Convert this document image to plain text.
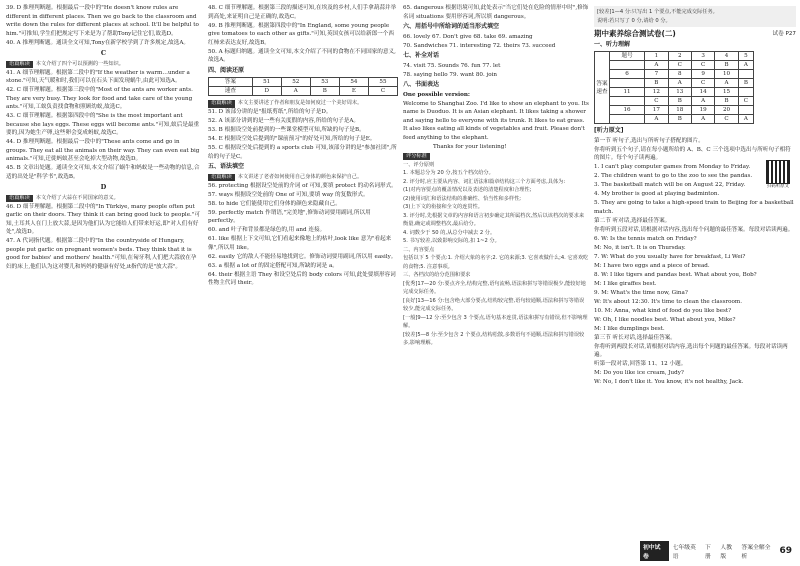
39. D 推理判断题。根据最后一段中的"He doesn't know rules are different in different places. Then we go back to the classroom and write down the rules for different places at school. It'll be helpful to him."可推知,学生们把规定写下来是为了帮助Tony记住它们,故选D。

40. A 推理判断题。通读全文可知,Tony在新学校学到了许多规定,故选A。

C

语篇解读 本文介绍了四个可以预测的一些知识。

41. A 细节理解题。根据第二段中的"If the weather is warm…under a stone."可知,天气暖和时,我们可以在石头下面发现蜗牛,由此可知选A。

42. C 细节理解题。根据第三段中的"Most of the ants are worker ants. They are very busy. They look for food and take care of the young ants."可知,工蚁负责找食物和照顾幼蚁,故选C。

43. C 细节理解题。根据第四段中的"She is the most important ant because she lays eggs. These eggs will become ants."可知,蚁后是最重要的,因为她生产卵,这些卵会变成蚂蚁,故选C。

44. D 推理判断题。根据最后一段中的"These ants come and go in groups. They eat all the animals on their way. They can even eat big animals."可知,迁徙蚂蚁甚至会吃掉大型动物,故选D。

45. B 文章出处题。通读全文可知,本文介绍了蜗牛和蚂蚁是一些动物的信息,合适的出处是"科学书",故选B。

D

语篇解读 本文介绍了大蒜在不同国家的意义。

46. D 细节理解题。根据第二段中的"In Türkiye, many people often put garlic on their doors. They think it can bring good luck to people."可知,土耳其人在门上放大蒜,是因为他们认为它能给人们带来好运,即"对人们有好处",故选D。

47. A 代词指代题。根据第二段中的"In the countryside of Hungary, people put garlic on pregnant women's beds. They think that it is good for babies' and mothers' health."可知,在匈牙利,人们把大蒜放在孕妇的床上,他们认为这对婴儿和妈妈的健康有好处,it指代的是"放大蒜"。

48. C 细节理解题。根据第三段的描述可知,在埃及的乡村,人们手拿葫蒜并举到高处,来证明自己是正确的,故选C。

49. B 推理判断题。根据第四段中的"In England, some young people give tomatoes to each other as gifts."可知,英国女孩可以给新郎一个西红柿来表达友好,故选B。

50. A 标题归纳题。通读全文可知,本文介绍了不同的食物在不同国家的意义,故选A。

四、阅读还原
答案	51	52	53	54	55
速查	D	A	B	E	C

语篇解读 本文主要讲述了作者和朋友是如何度过一个美好周末。

51. D 该部分讲的是"报纸剪纸",所给的句子是D。

52. A 该部分讲到的是一些有关度假的内容,所给的句子是A。

53. B 根据设空处前提到的一些课堂模型可知,所缺的句子是B。

54. E 根据设空处后提到的"课前预习"的好处可知,所给的句子是E。

55. C 根据设空处后提到的 a sports club 可知,该部分讲的是"参加社团",所给的句子是C。

五、语法填空

语篇解读 本文讲述了老者如何使用自己身体的颜色来保护自己。

56. protecting 根据设空处前的介词 of 可知,要填 protect 的动名词形式。

57. ways 根据设空处前的 One of 可知,要填 way 的复数形式。

58. to hide 它们能使用它们身体的颜色来隐藏自己。

59. perfectly match 作谓语,"完美地",修饰动词要用副词,所以用 perfectly。

60. and 叶子和背景都是绿色的,用 and 连接。

61. like 根据上下文可知,它们看起来像地上的枯叶,look like 意为"看起来像",所以用 like。

62. easily 它的敌人不能轻易地找到它。修饰动词要用副词,所以用 easily。

63. a 根据 a lot of 的固定搭配可知,所缺的词是 a。

64. their 根据主语 They 和设空处后的 body colors 可知,此处要填形容词性物主代词 their。

65. dangerous 根据语境可知,此处表示"当它们处在危险的情形中时",修饰名词 situations 要用形容词,所以填 dangerous。

六、用括号中所给词的适当形式填空

66. lovely 67. Don't give 68. take 69. amazing

70. Sandwiches 71. interesting 72. theirs 73. succeed

七、补全对话

74. visit 75. Sounds 76. fun 77. let

78. saying hello 79. want 80. join

八、书面表达

One possible version:

Welcome to Shanghai Zoo. I'd like to show an elephant to you. Its name is Duoduo. It is an Asian elephant. It likes taking a shower and saying hello to everyone with its trunk. It likes to eat grass. It also likes eating all kinds of vegetables and fruit. Please don't feed anything to the elephant.

Thanks for your listening!

评分标准

一、评分原则
1. 本题总分为 20 分,按五个档次给分。
2. 评分时,应主要从内容、词汇语法和篇章结构这三个方面考虑,具体为:
(1)对内容要点的覆盖情况以及表述的清楚程度和合理性;
(2)使用词汇和语法结构的准确性、恰当性和多样性;
(3)上下文的衔接和全文的连贯性。
3. 评分时,先根据文章的内容和语言初步确定其所属档次,然后以该档次的要求来衡量,确定或调整档次,最后给分。
4. 词数少于 50 的,从总分中减去 2 分。
5. 书写较差,以致影响交际的,扣 1~2 分。
二、内容要点
包括以下 5 个要点:1. 介绍大象的名字;2. 它的来源;3. 它喜欢做什么;4. 它喜欢吃的食物;5. 注意事项。
三、各档次的给分范围和要求
[优秀]17—20 分:要点齐全,结构完整,语句流畅,语法和拼写等错误极少,能较好地完成交际任务。
[良好]13—16 分:包含绝大部分要点,结构较完整,语句较通顺,语法和拼写等错误较少,能完成交际任务。
[一般]9—12 分:至少包含 3 个要点,语句基本连贯,语法和拼写有错误,但不影响理解。
[较差]5—8 分:至少包含 2 个要点,结构松散,多数语句不通顺,语法和拼写错误较多,影响理解。
[较差]1—4 分:只写出 1 个要点,不能完成交际任务。
说明:若只写了 0 分,请给 0 分。
期中素养综合测试卷(二)	试卷 P27
一、听力理解
答案速查	题号	1	2	3	4	5
		A	C	C	B	A
	6	7	8	9	10	
		B	A	C	A	B
	11	12	13	14	15	
		C	B	A	B	C
	16	17	18	19	20	
		A	B	A	C	A
[听力原文]

第一节 听句子,选出与所听句子搭配的图片。

你将听到五个句子,请在每小题所给的 A、B、C 三个选项中选出与所听句子相符的图片。每个句子读两遍。

1. I can't play computer games from Monday to Friday.

2. The children want to go to the zoo to see the pandas.

3. The basketball match will be on August 22, Friday.

4. My brother is good at playing badminton.

5. They are going to take a high-speed train to Beijing for a basketball match.

第二节 听对话,选择最佳答案。

你将听到五段对话,请根据对话内容,选出每个问题的最佳答案。每段对话读两遍。

6. W: Is the tennis match on Friday?

M: No, it isn't. It is on Thursday.

7. W: What do you usually have for breakfast, Li Wei?

M: I have two eggs and a piece of bread.

8. W: I like tigers and pandas best. What about you, Bob?

M: I like giraffes best.

9. M: What's the time now, Gina?

W: It's about 12:30. It's time to clean the classroom.

10. M: Anna, what kind of food do you like best?

W: Oh, I like noodles best. What about you, Mike?

M: I like dumplings best.

第三节 听长对话,选择最佳答案。

你将听到两段长对话,请根据对话内容,选出每个问题的最佳答案。每段对话读两遍。

听第一段对话,回答第 11、12 小题。

M: Do you like ice cream, Judy?

W: No, I don't like it. You know, it's not healthy, Jack.

扫码听原文
初中试卷
七年级英语
下册
人教版
答案全解全析
69
